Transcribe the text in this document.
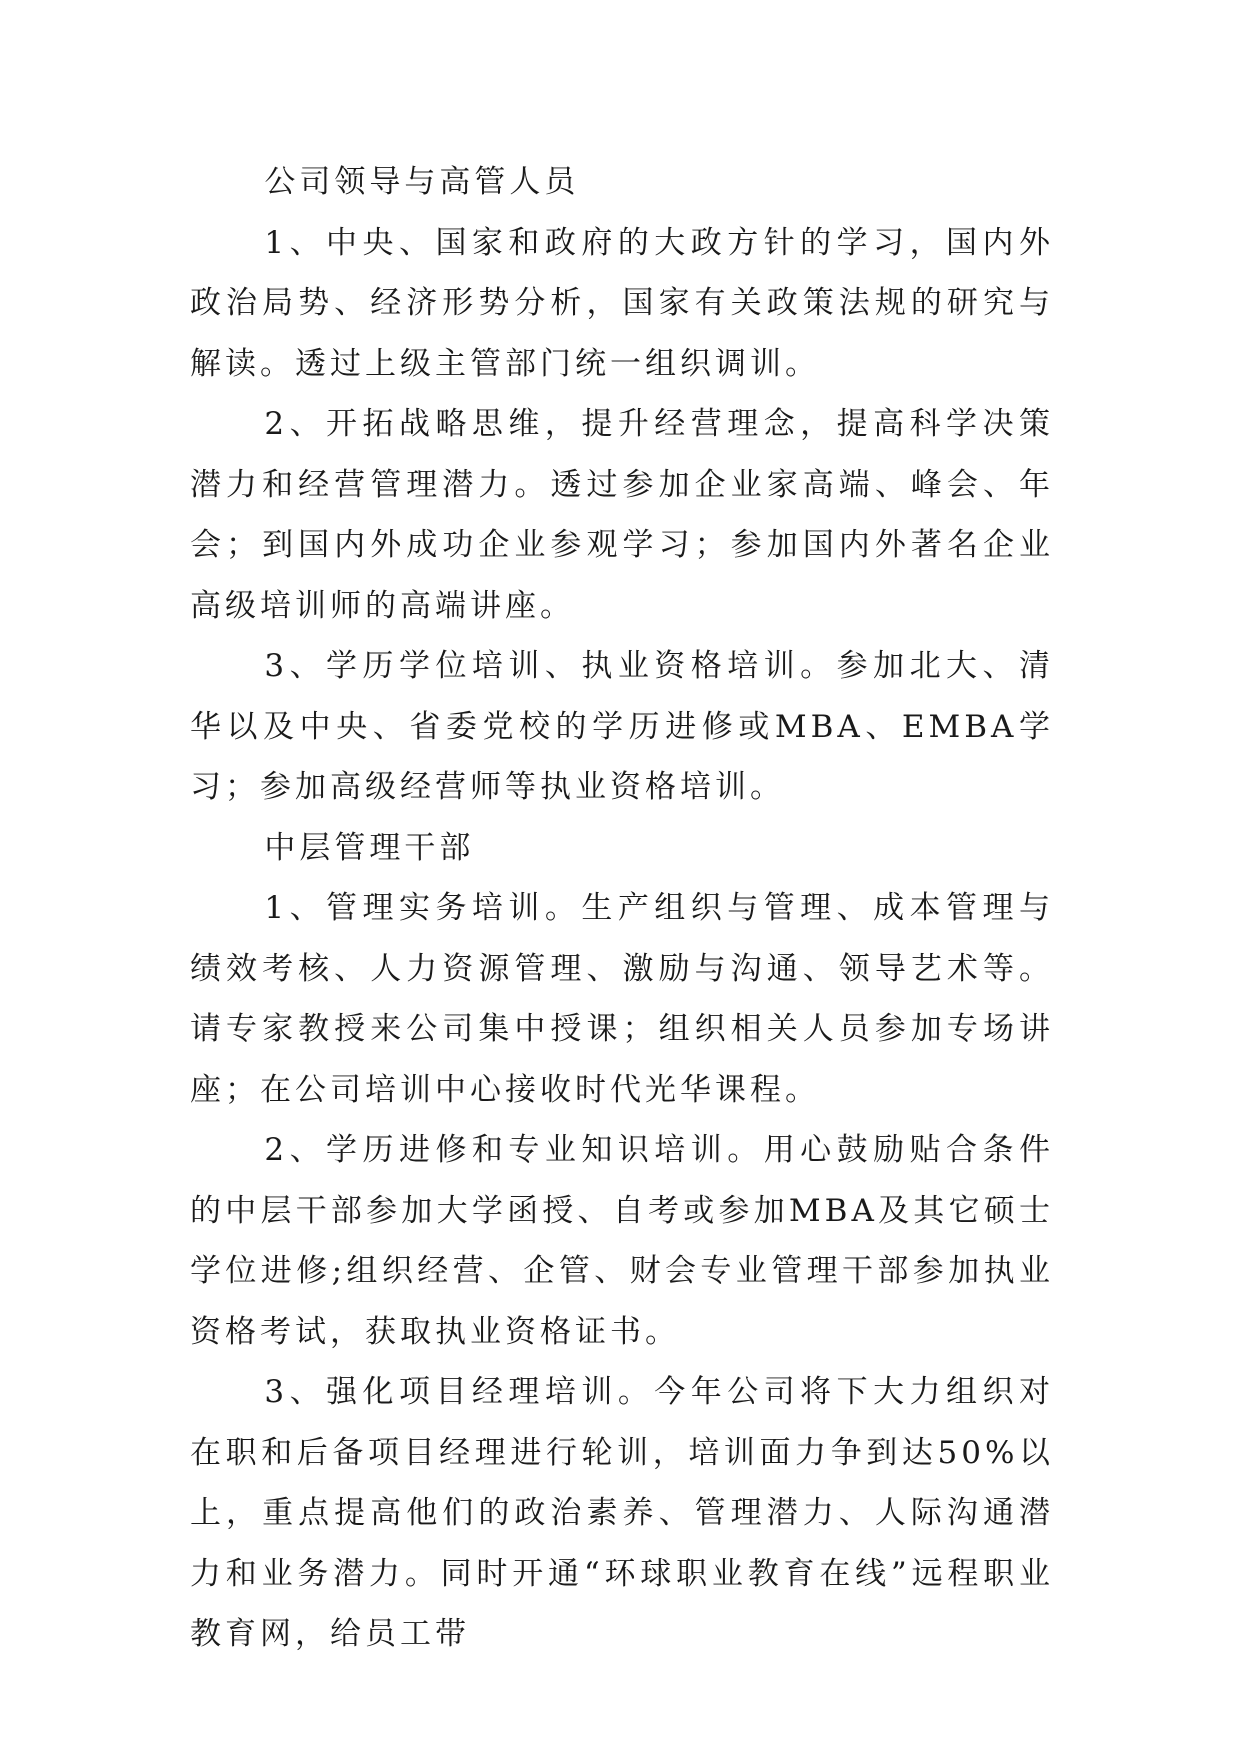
公司领导与高管人员

1、中央、国家和政府的大政方针的学习，国内外政治局势、经济形势分析，国家有关政策法规的研究与解读。透过上级主管部门统一组织调训。

2、开拓战略思维，提升经营理念，提高科学决策潜力和经营管理潜力。透过参加企业家高端、峰会、年会；到国内外成功企业参观学习；参加国内外著名企业高级培训师的高端讲座。

3、学历学位培训、执业资格培训。参加北大、清华以及中央、省委党校的学历进修或MBA、EMBA学习；参加高级经营师等执业资格培训。

中层管理干部

1、管理实务培训。生产组织与管理、成本管理与绩效考核、人力资源管理、激励与沟通、领导艺术等。请专家教授来公司集中授课；组织相关人员参加专场讲座；在公司培训中心接收时代光华课程。

2、学历进修和专业知识培训。用心鼓励贴合条件的中层干部参加大学函授、自考或参加MBA及其它硕士学位进修;组织经营、企管、财会专业管理干部参加执业资格考试，获取执业资格证书。

3、强化项目经理培训。今年公司将下大力组织对在职和后备项目经理进行轮训，培训面力争到达50%以上，重点提高他们的政治素养、管理潜力、人际沟通潜力和业务潜力。同时开通“环球职业教育在线”远程职业教育网，给员工带
